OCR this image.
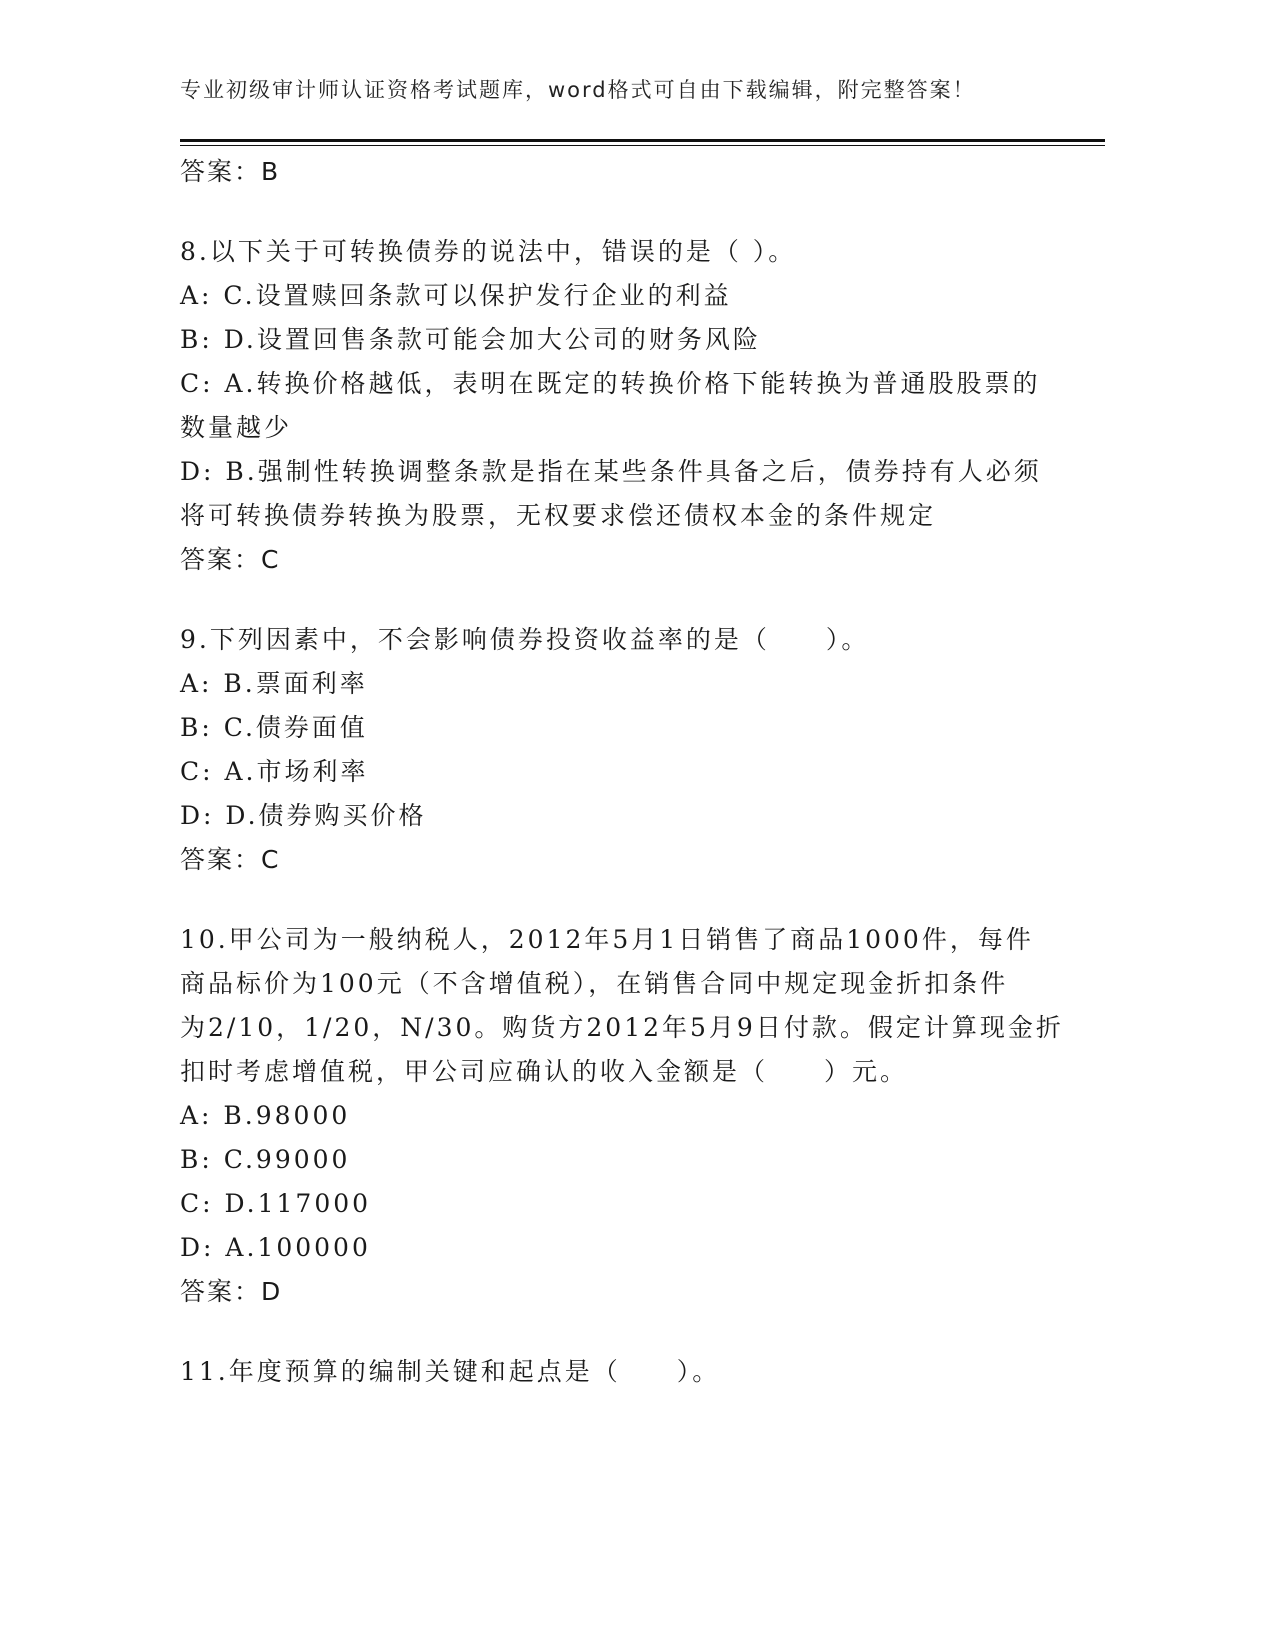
专业初级审计师认证资格考试题库，word格式可自由下载编辑，附完整答案！
答案：B
8.以下关于可转换债券的说法中，错误的是（ ）。
A: C.设置赎回条款可以保护发行企业的利益
B: D.设置回售条款可能会加大公司的财务风险
C: A.转换价格越低，表明在既定的转换价格下能转换为普通股股票的
数量越少
D: B.强制性转换调整条款是指在某些条件具备之后，债券持有人必须
将可转换债券转换为股票，无权要求偿还债权本金的条件规定
答案：C
9.下列因素中，不会影响债券投资收益率的是（　　）。
A: B.票面利率
B: C.债券面值
C: A.市场利率
D: D.债券购买价格
答案：C
10.甲公司为一般纳税人，2012年5月1日销售了商品1000件，每件
商品标价为100元（不含增值税），在销售合同中规定现金折扣条件
为2/10，1/20，N/30。购货方2012年5月9日付款。假定计算现金折
扣时考虑增值税，甲公司应确认的收入金额是（　　）元。
A: B.98000
B: C.99000
C: D.117000
D: A.100000
答案：D
11.年度预算的编制关键和起点是（　　）。
